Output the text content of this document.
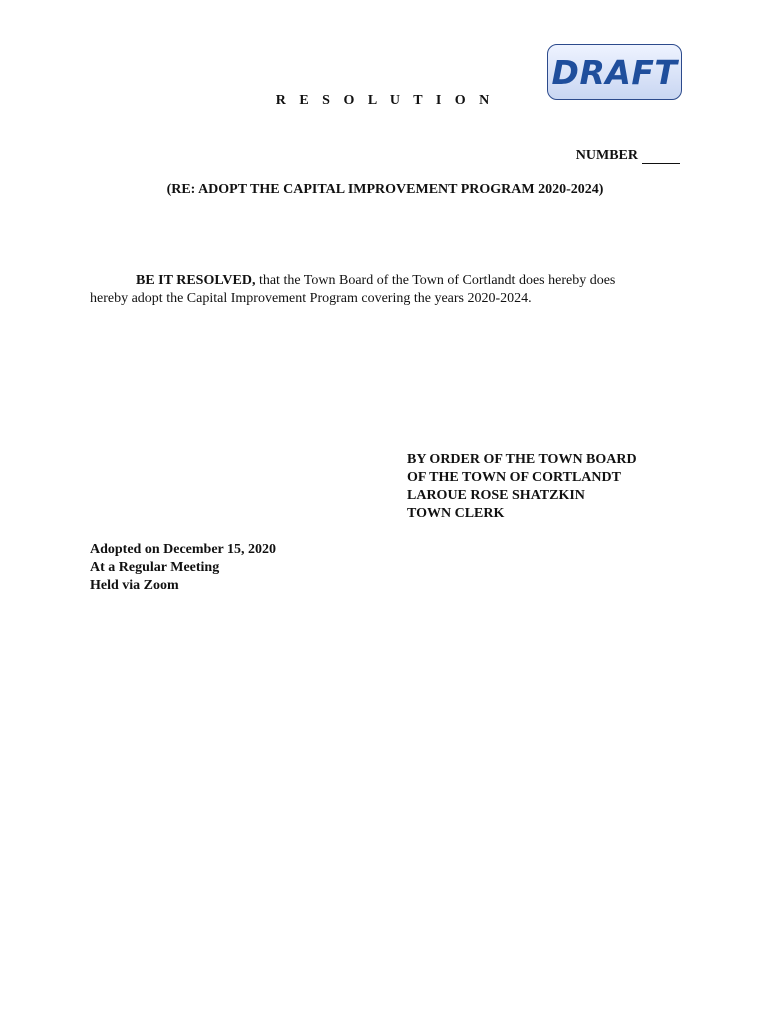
DRAFT
R E S O L U T I O N
NUMBER
(RE: ADOPT THE CAPITAL IMPROVEMENT PROGRAM 2020-2024)
BE IT RESOLVED, that the Town Board of the Town of Cortlandt does hereby does
hereby adopt the Capital Improvement Program covering the years 2020-2024.
BY ORDER OF THE TOWN BOARD
OF THE TOWN OF CORTLANDT
LAROUE ROSE SHATZKIN
TOWN CLERK
Adopted on December 15, 2020
At a Regular Meeting
Held via Zoom
